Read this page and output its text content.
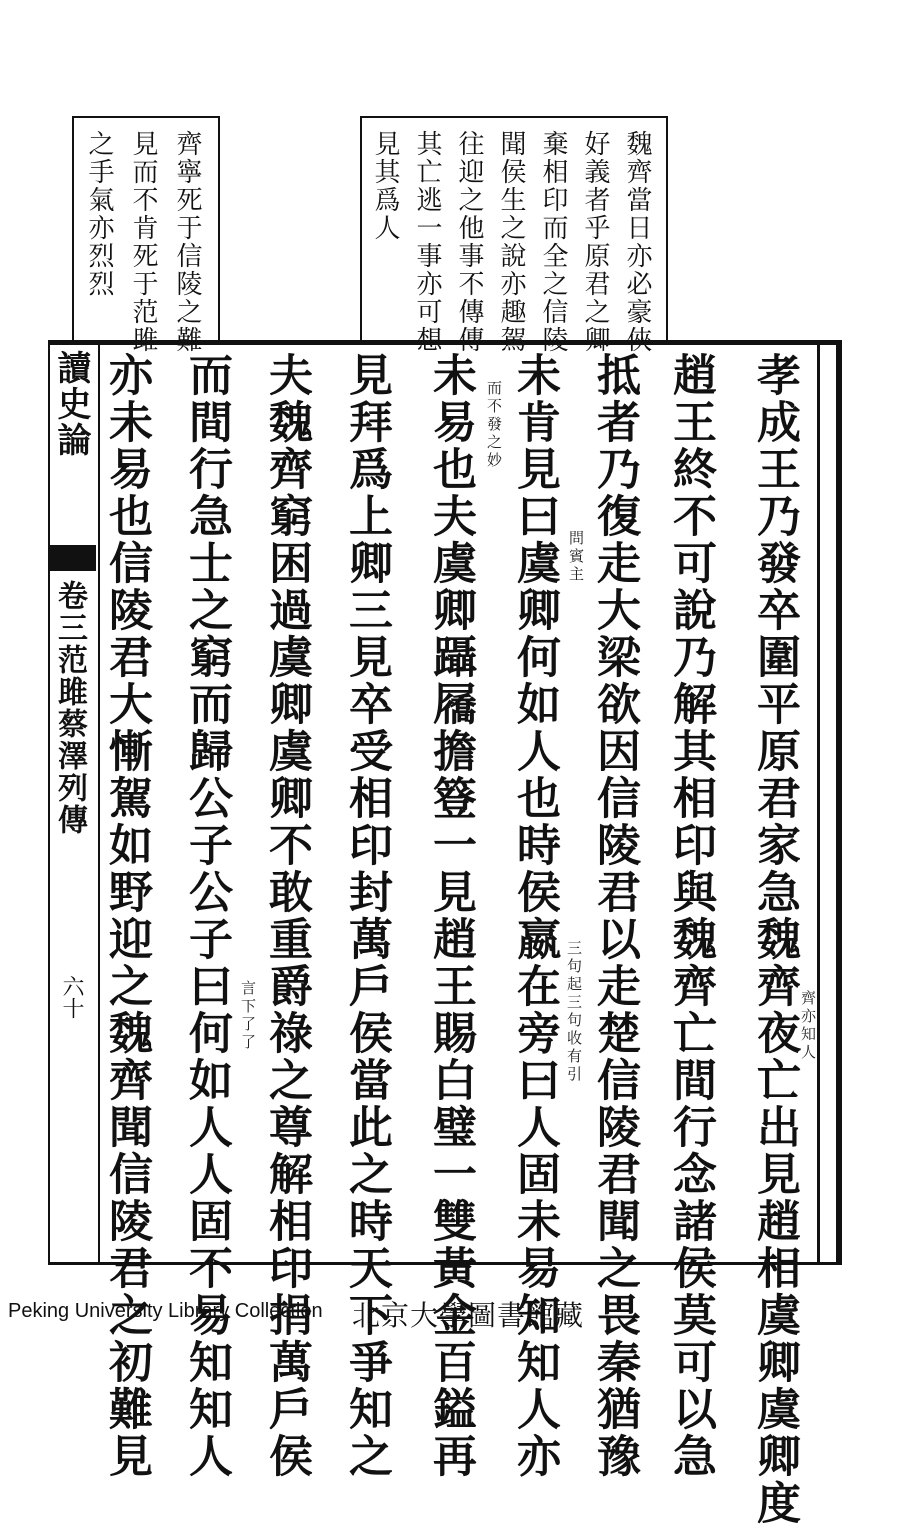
齊寧死于信陵之難
見而不肯死于范雎
之手氣亦烈烈	魏齊當日亦必豪俠
好義者乎原君之卿
棄相印而全之信陵
聞侯生之說亦趣駕
往迎之他事不傳傳
其亡逃一事亦可想
見其爲人
孝成王乃發卒圍平原君家急魏齊夜亡出見趙相虞卿虞卿度
趙王終不可說乃解其相印與魏齊亡間行念諸侯莫可以急
抵者乃復走大梁欲因信陵君以走楚信陵君聞之畏秦猶豫
未肯見曰虞卿何如人也時侯嬴在旁曰人固未易知知人亦
未易也夫虞卿躡屩擔簦一見趙王賜白璧一雙黃金百鎰再
見拜爲上卿三見卒受相印封萬戶侯當此之時天下爭知之
夫魏齊窮困過虞卿虞卿不敢重爵祿之尊解相印捐萬戶侯
而間行急士之窮而歸公子公子曰何如人人固不易知知人
亦未易也信陵君大慚駕如野迎之魏齊聞信陵君之初難見	齊亦知人
問賓主
三句起三句收有引
而不發之妙
言下了了
讀史論
卷三范雎蔡澤列傳
六十
Peking University Library Collection 北京大學圖書館藏
